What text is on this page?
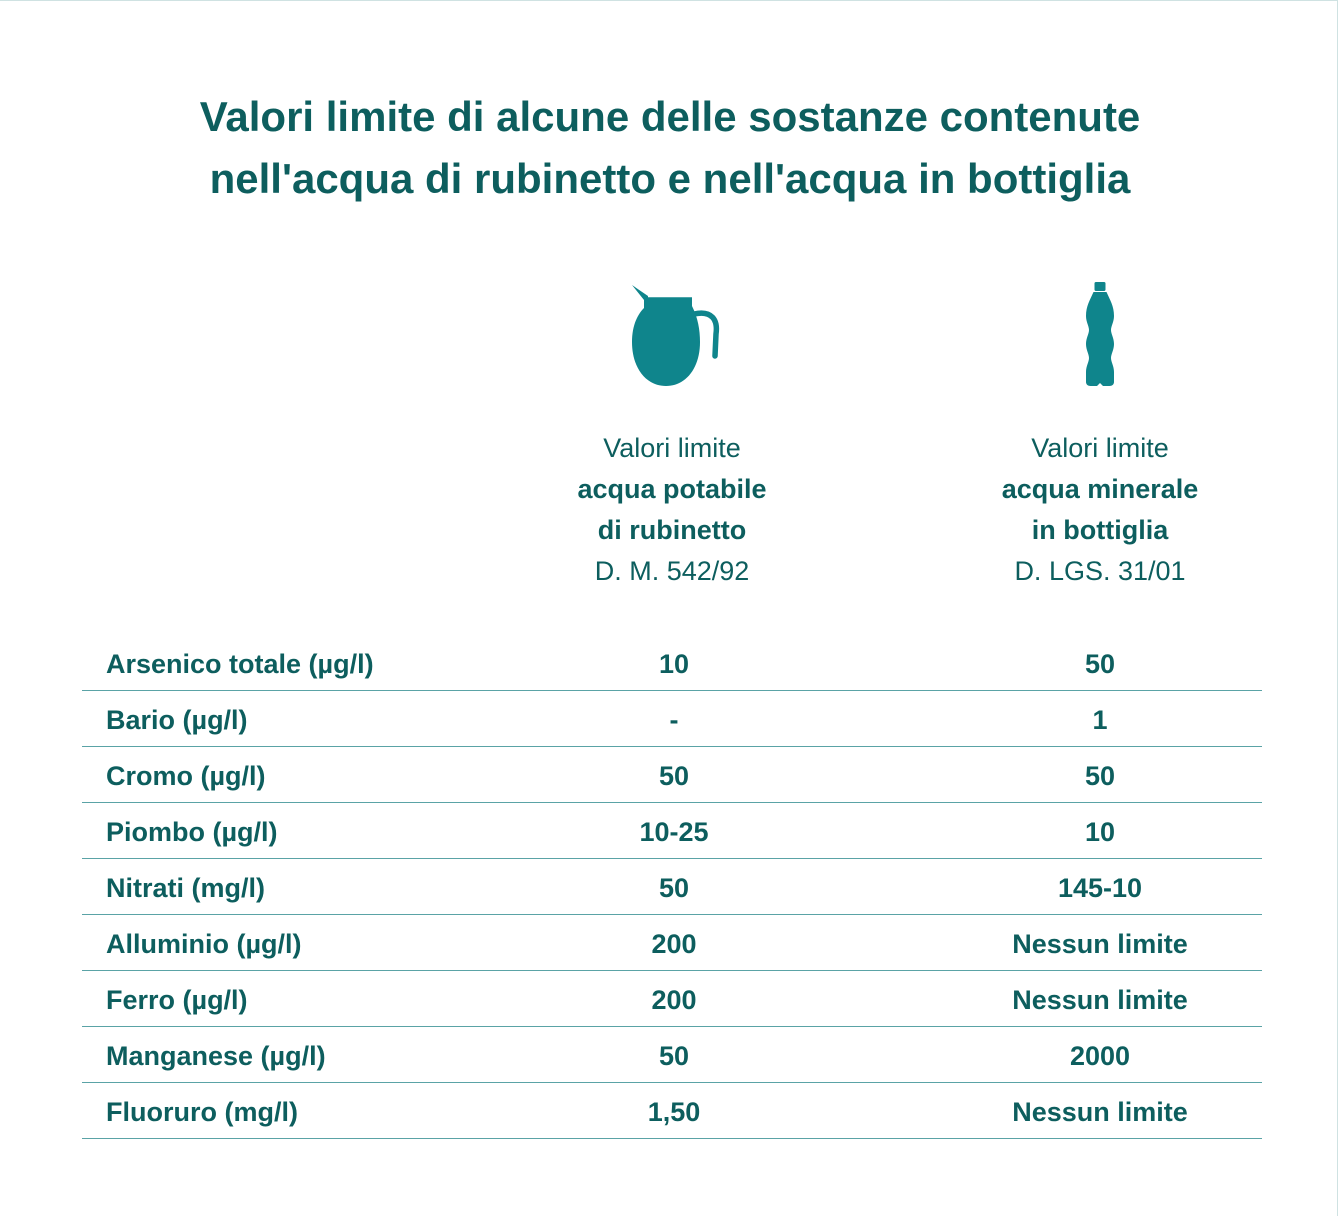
Valori limite di alcune delle sostanze contenute
nell'acqua di rubinetto e nell'acqua in bottiglia
Valori limite
acqua potabile
di rubinetto
D. M. 542/92
Valori limite
acqua minerale
in bottiglia
D. LGS. 31/01
Arsenico totale (µg/l)	10	50
Bario (µg/l)	-	1
Cromo (µg/l)	50	50
Piombo (µg/l)	10-25	10
Nitrati (mg/l)	50	145-10
Alluminio (µg/l)	200	Nessun limite
Ferro (µg/l)	200	Nessun limite
Manganese (µg/l)	50	2000
Fluoruro (mg/l)	1,50	Nessun limite
